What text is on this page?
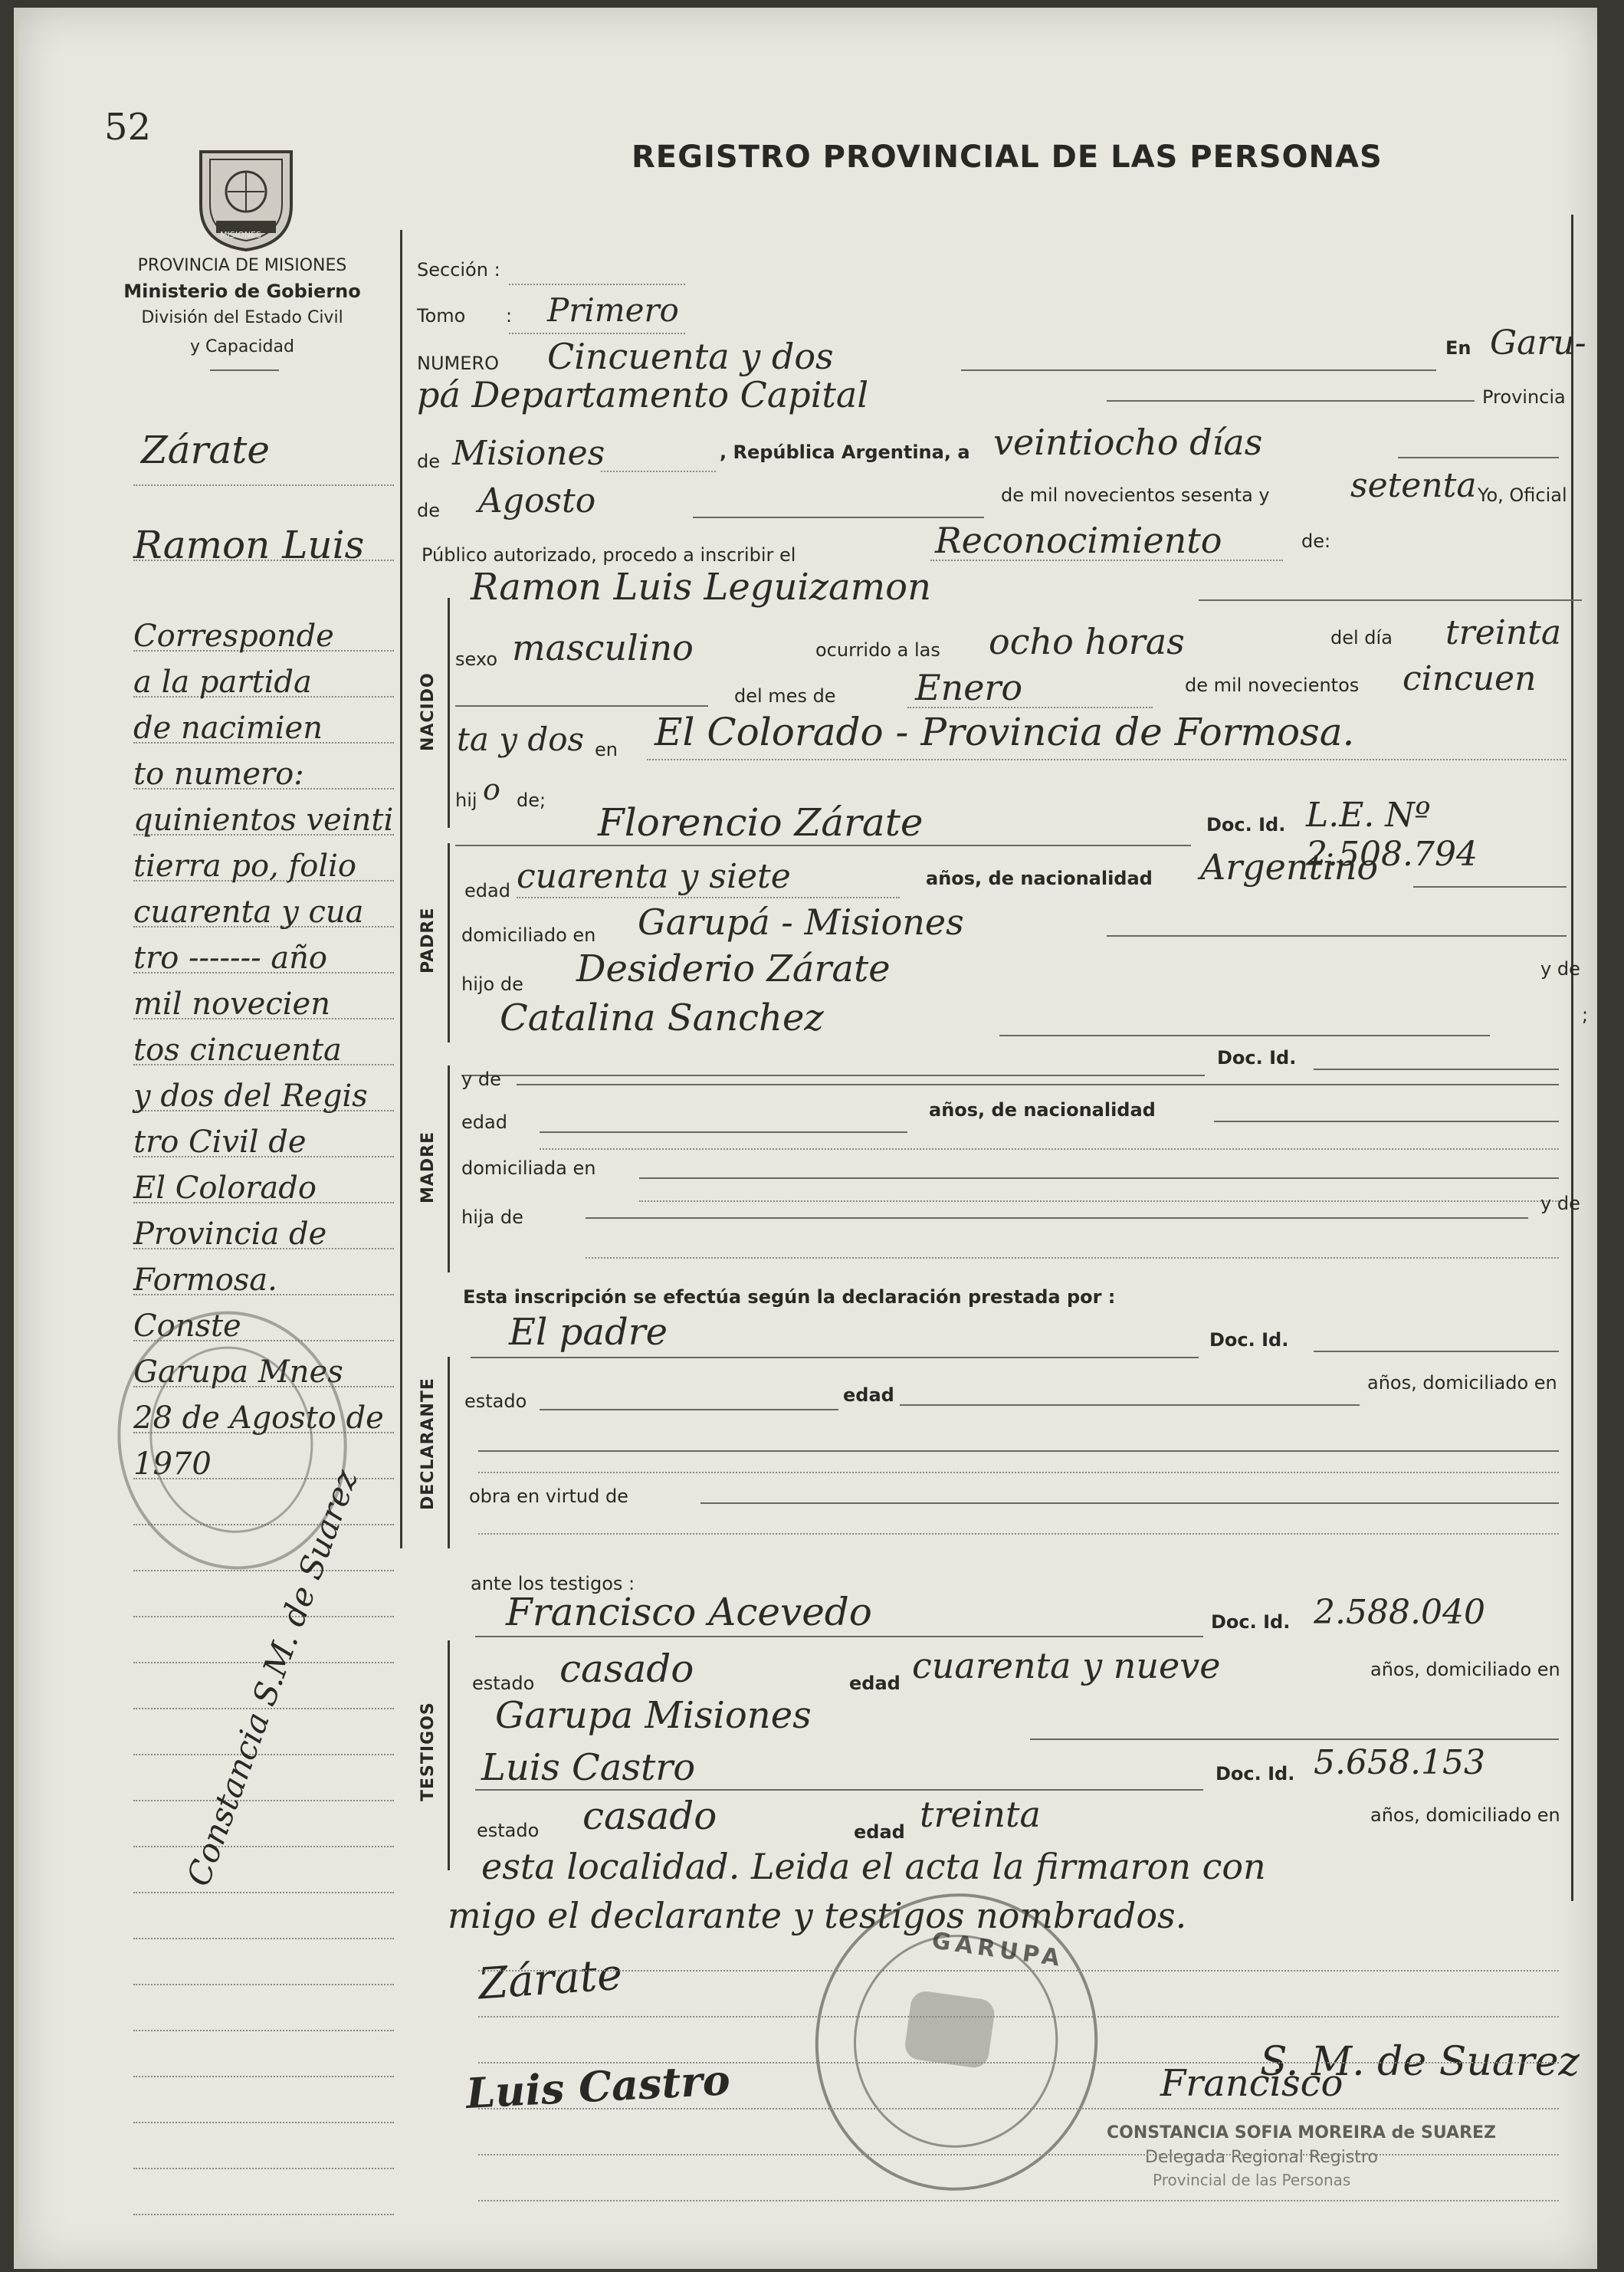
52
MISIONES
REGISTRO PROVINCIAL DE LAS PERSONAS
PROVINCIA DE MISIONES
Ministerio de Gobierno
División del Estado Civil
y Capacidad
Zárate
Ramon Luis
Corresponde
a la partida
de nacimien
to numero:
quinientos veinti
tierra po, folio
cuarenta y cua
tro ------- año
mil novecien
tos cincuenta
y dos del Regis
tro Civil de
El Colorado
Provincia de
Formosa.
Conste
Garupa Mnes
28 de Agosto de
1970
Constancia S.M. de Suarez
NACIDO
PADRE
MADRE
DECLARANTE
TESTIGOS
Sección :
Tomo : Primero
NUMERO Cincuenta y dos	En Garu-
pá Departamento Capital	Provincia
de Misiones	, República Argentina, a veintiocho días
de Agosto	de mil novecientos sesenta y setenta Yo, Oficial
Público autorizado, procedo a inscribir el	Reconocimiento	de:
Ramon Luis Leguizamon
sexo masculino	ocurrido a las ocho horas	del día treinta
del mes de Enero	de mil novecientos cincuen
ta y dos en El Colorado - Provincia de Formosa.
hij o de; Florencio Zárate	Doc. Id. L.E. Nº 2.508.794
edad cuarenta y siete	años, de nacionalidad Argentino
domiciliado en Garupá - Misiones
hijo de Desiderio Zárate	y de
Catalina Sanchez	;
Doc. Id.
y de
edad
años, de nacionalidad
domiciliada en
hija de
y de
Esta inscripción se efectúa según la declaración prestada por :
El padre	Doc. Id.
estado	edad
años, domiciliado en
obra en virtud de
ante los testigos :
Francisco Acevedo	Doc. Id. 2.588.040
estado casado	edad cuarenta y nueve	años, domiciliado en
Garupa Misiones
Luis Castro	Doc. Id. 5.658.153
estado casado	edad treinta	años, domiciliado en
esta localidad. Leida el acta la firmaron con
migo el declarante y testigos nombrados.
Zárate
Luis Castro	Francisco
S. M. de Suarez
GARUPA
CONSTANCIA SOFIA MOREIRA de SUAREZ
Delegada Regional Registro
Provincial de las Personas
